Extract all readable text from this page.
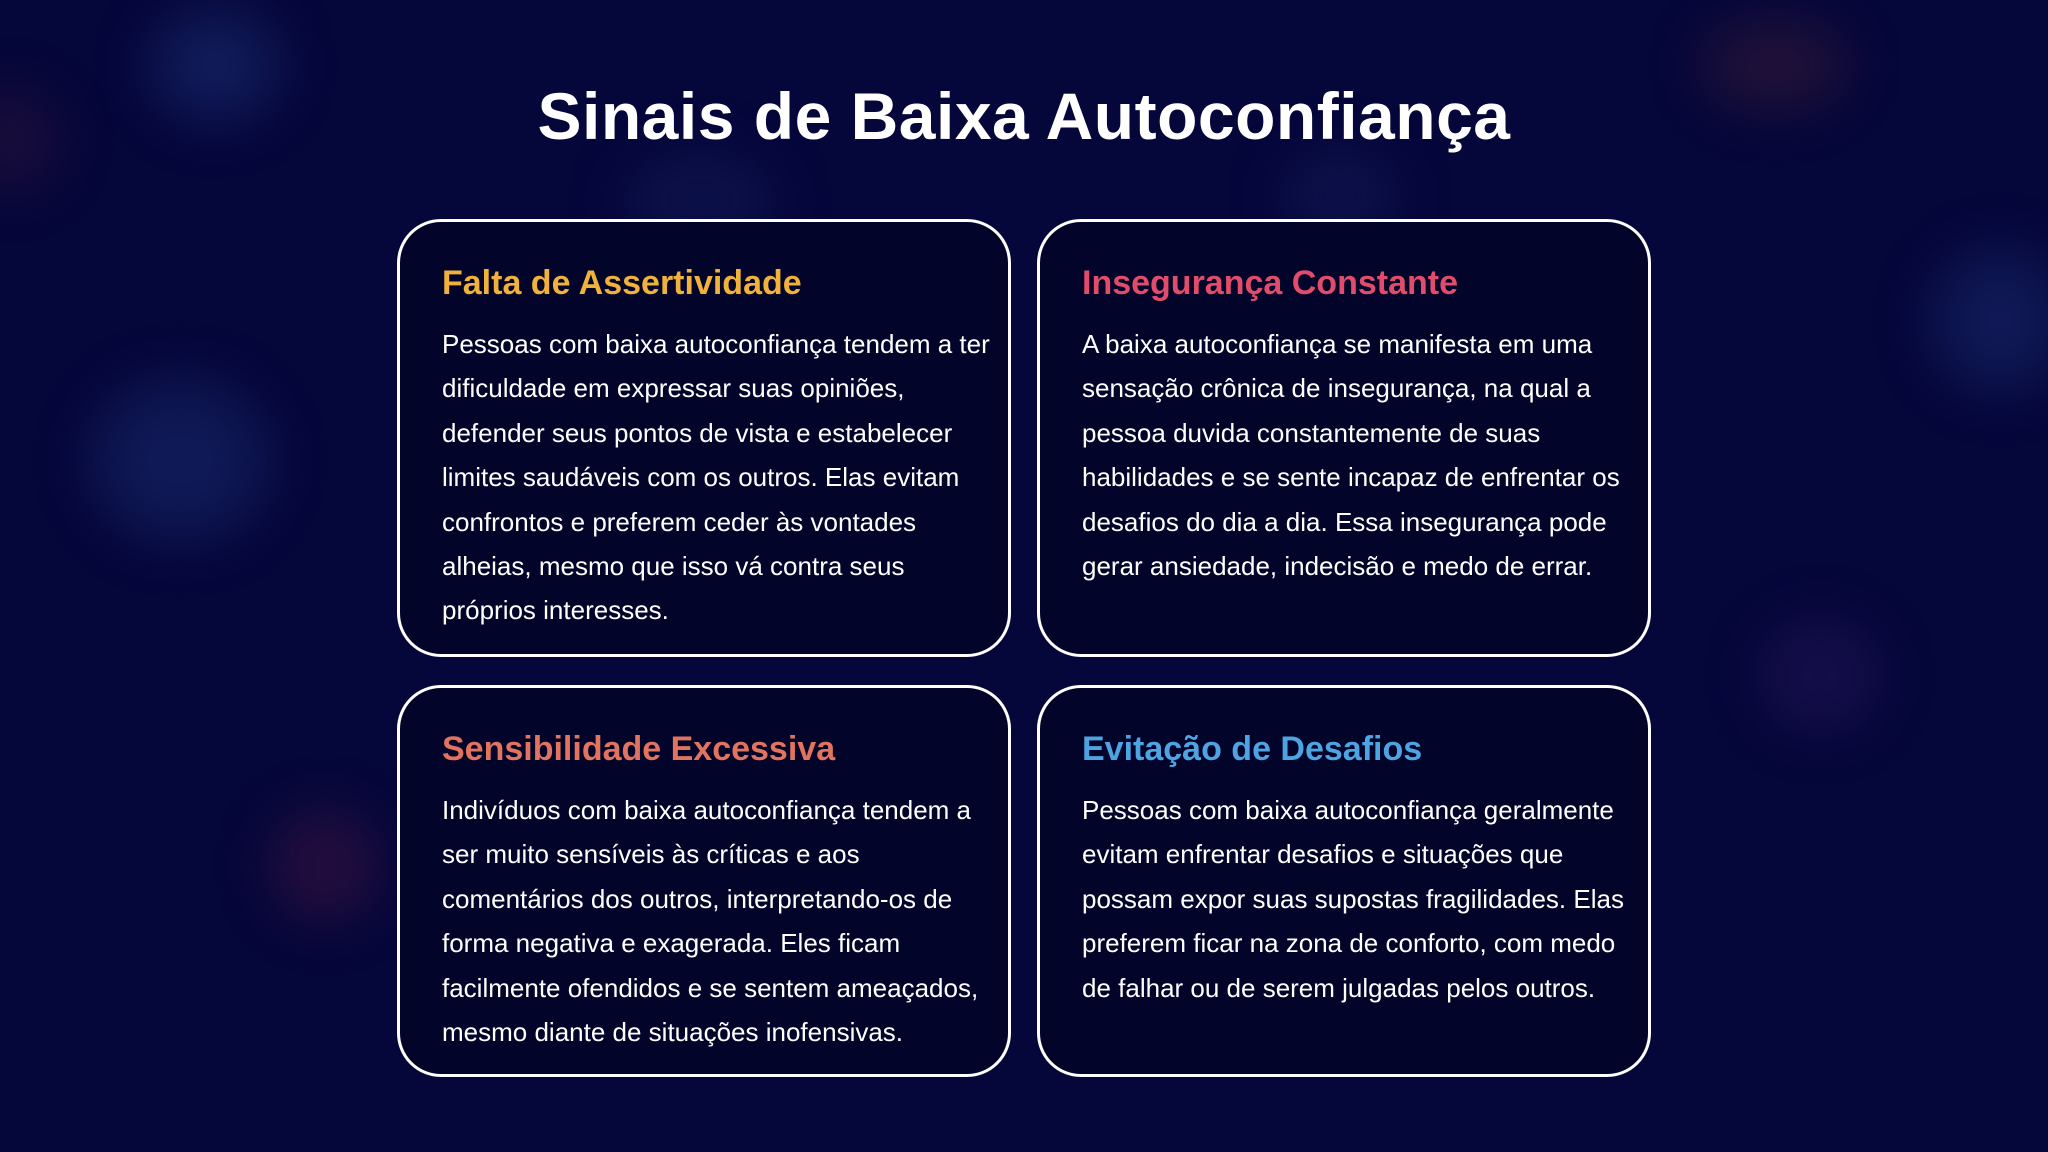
Sinais de Baixa Autoconfiança
Falta de Assertividade

Pessoas com baixa autoconfiança tendem a ter dificuldade em expressar suas opiniões, defender seus pontos de vista e estabelecer limites saudáveis com os outros. Elas evitam confrontos e preferem ceder às vontades alheias, mesmo que isso vá contra seus próprios interesses.

Insegurança Constante

A baixa autoconfiança se manifesta em uma sensação crônica de insegurança, na qual a pessoa duvida constantemente de suas habilidades e se sente incapaz de enfrentar os desafios do dia a dia. Essa insegurança pode gerar ansiedade, indecisão e medo de errar.

Sensibilidade Excessiva

Indivíduos com baixa autoconfiança tendem a ser muito sensíveis às críticas e aos comentários dos outros, interpretando-os de forma negativa e exagerada. Eles ficam facilmente ofendidos e se sentem ameaçados, mesmo diante de situações inofensivas.

Evitação de Desafios

Pessoas com baixa autoconfiança geralmente evitam enfrentar desafios e situações que possam expor suas supostas fragilidades. Elas preferem ficar na zona de conforto, com medo de falhar ou de serem julgadas pelos outros.
